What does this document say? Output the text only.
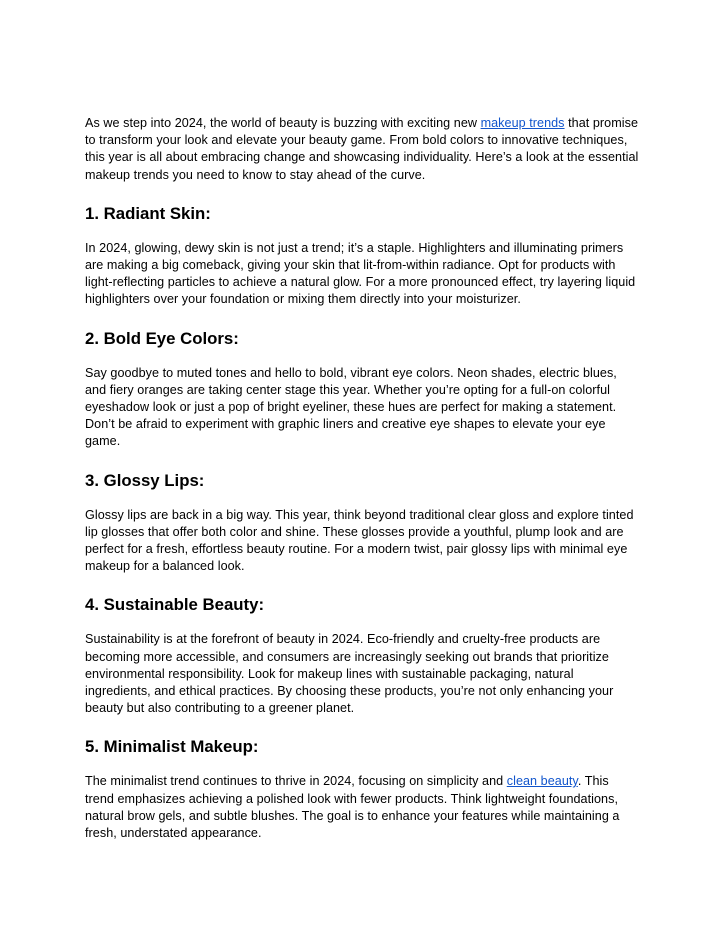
As we step into 2024, the world of beauty is buzzing with exciting new makeup trends that promise to transform your look and elevate your beauty game. From bold colors to innovative techniques, this year is all about embracing change and showcasing individuality. Here’s a look at the essential makeup trends you need to know to stay ahead of the curve.

1. Radiant Skin:

In 2024, glowing, dewy skin is not just a trend; it’s a staple. Highlighters and illuminating primers are making a big comeback, giving your skin that lit-from-within radiance. Opt for products with light-reflecting particles to achieve a natural glow. For a more pronounced effect, try layering liquid highlighters over your foundation or mixing them directly into your moisturizer.

2. Bold Eye Colors:

Say goodbye to muted tones and hello to bold, vibrant eye colors. Neon shades, electric blues, and fiery oranges are taking center stage this year. Whether you’re opting for a full-on colorful eyeshadow look or just a pop of bright eyeliner, these hues are perfect for making a statement. Don’t be afraid to experiment with graphic liners and creative eye shapes to elevate your eye game.

3. Glossy Lips:

Glossy lips are back in a big way. This year, think beyond traditional clear gloss and explore tinted lip glosses that offer both color and shine. These glosses provide a youthful, plump look and are perfect for a fresh, effortless beauty routine. For a modern twist, pair glossy lips with minimal eye makeup for a balanced look.

4. Sustainable Beauty:

Sustainability is at the forefront of beauty in 2024. Eco-friendly and cruelty-free products are becoming more accessible, and consumers are increasingly seeking out brands that prioritize environmental responsibility. Look for makeup lines with sustainable packaging, natural ingredients, and ethical practices. By choosing these products, you’re not only enhancing your beauty but also contributing to a greener planet.

5. Minimalist Makeup:

The minimalist trend continues to thrive in 2024, focusing on simplicity and clean beauty. This trend emphasizes achieving a polished look with fewer products. Think lightweight foundations, natural brow gels, and subtle blushes. The goal is to enhance your features while maintaining a fresh, understated appearance.
